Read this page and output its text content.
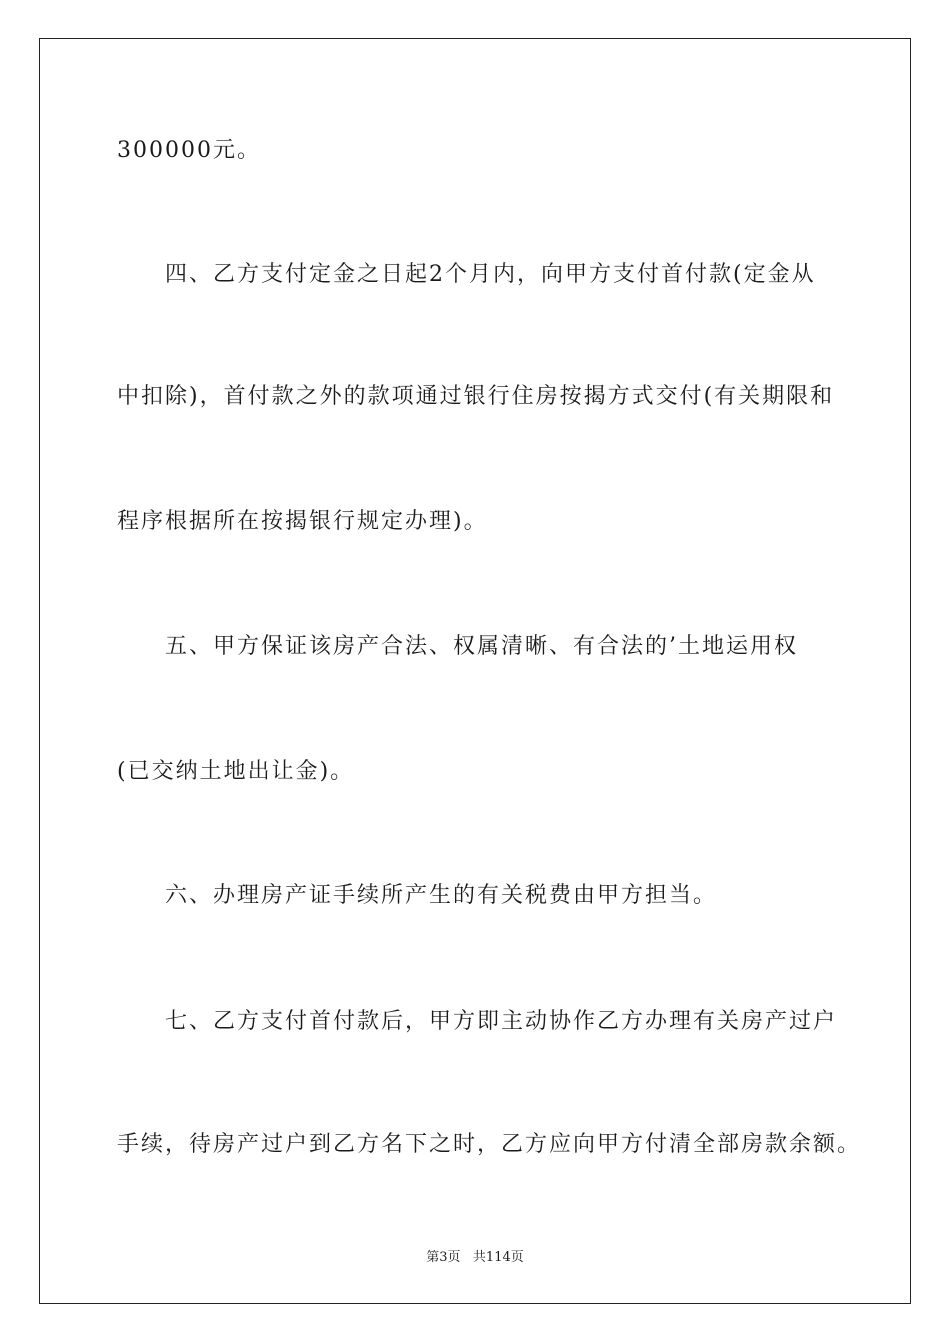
300000元。

四、乙方支付定金之日起2个月内，向甲方支付首付款(定金从

中扣除)，首付款之外的款项通过银行住房按揭方式交付(有关期限和

程序根据所在按揭银行规定办理)。

五、甲方保证该房产合法、权属清晰、有合法的’土地运用权

(已交纳土地出让金)。

六、办理房产证手续所产生的有关税费由甲方担当。

七、乙方支付首付款后，甲方即主动协作乙方办理有关房产过户

手续，待房产过户到乙方名下之时，乙方应向甲方付清全部房款余额。

第3页   共114页
